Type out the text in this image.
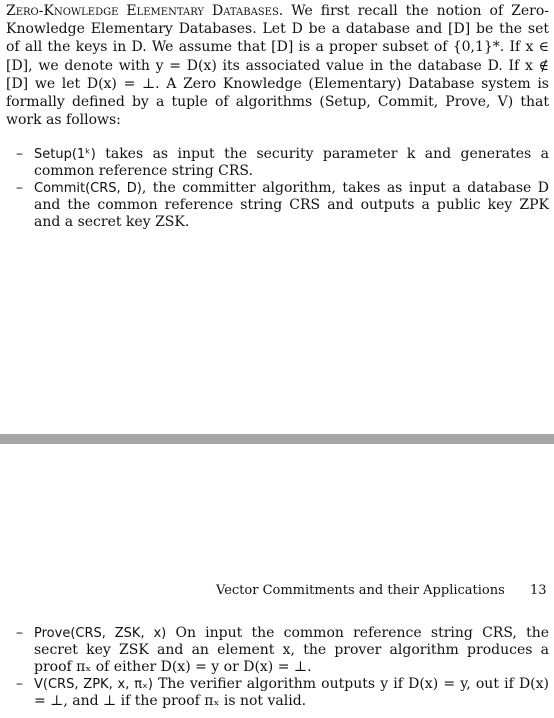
Zero-Knowledge Elementary Databases. We first recall the notion of Zero-Knowledge Elementary Databases. Let D be a database and [D] be the set of all the keys in D. We assume that [D] is a proper subset of {0,1}*. If x ∈ [D], we denote with y = D(x) its associated value in the database D. If x ∉ [D] we let D(x) = ⊥. A Zero Knowledge (Elementary) Database system is formally defined by a tuple of algorithms (Setup, Commit, Prove, V) that work as follows:
– Setup(1ᵏ) takes as input the security parameter k and generates a common reference string CRS.
– Commit(CRS, D), the committer algorithm, takes as input a database D and the common reference string CRS and outputs a public key ZPK and a secret key ZSK.
Vector Commitments and their Applications 13
– Prove(CRS, ZSK, x) On input the common reference string CRS, the secret key ZSK and an element x, the prover algorithm produces a proof πₓ of either D(x) = y or D(x) = ⊥.
– V(CRS, ZPK, x, πₓ) The verifier algorithm outputs y if D(x) = y, out if D(x) = ⊥, and ⊥ if the proof πₓ is not valid.
